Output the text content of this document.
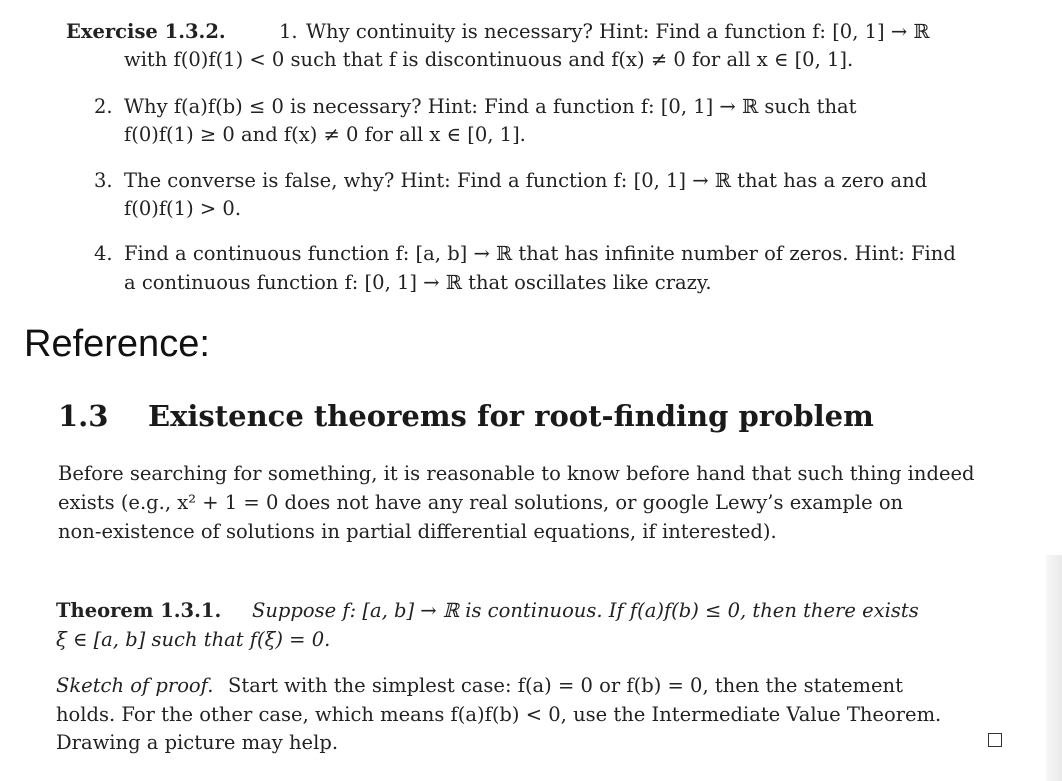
Exercise 1.3.2.	1. Why continuity is necessary? Hint: Find a function f: [0, 1] → ℝ
with f(0)f(1) < 0 such that f is discontinuous and f(x) ≠ 0 for all x ∈ [0, 1].
2. Why f(a)f(b) ≤ 0 is necessary? Hint: Find a function f: [0, 1] → ℝ such that
f(0)f(1) ≥ 0 and f(x) ≠ 0 for all x ∈ [0, 1].
3. The converse is false, why? Hint: Find a function f: [0, 1] → ℝ that has a zero and
f(0)f(1) > 0.
4. Find a continuous function f: [a, b] → ℝ that has infinite number of zeros. Hint: Find
a continuous function f: [0, 1] → ℝ that oscillates like crazy.
Reference:
1.3 Existence theorems for root-finding problem
Before searching for something, it is reasonable to know before hand that such thing indeed
exists (e.g., x² + 1 = 0 does not have any real solutions, or google Lewy’s example on
non-existence of solutions in partial differential equations, if interested).
Theorem 1.3.1. Suppose f: [a, b] → ℝ is continuous. If f(a)f(b) ≤ 0, then there exists
ξ ∈ [a, b] such that f(ξ) = 0.
Sketch of proof. Start with the simplest case: f(a) = 0 or f(b) = 0, then the statement
holds. For the other case, which means f(a)f(b) < 0, use the Intermediate Value Theorem.
Drawing a picture may help.
